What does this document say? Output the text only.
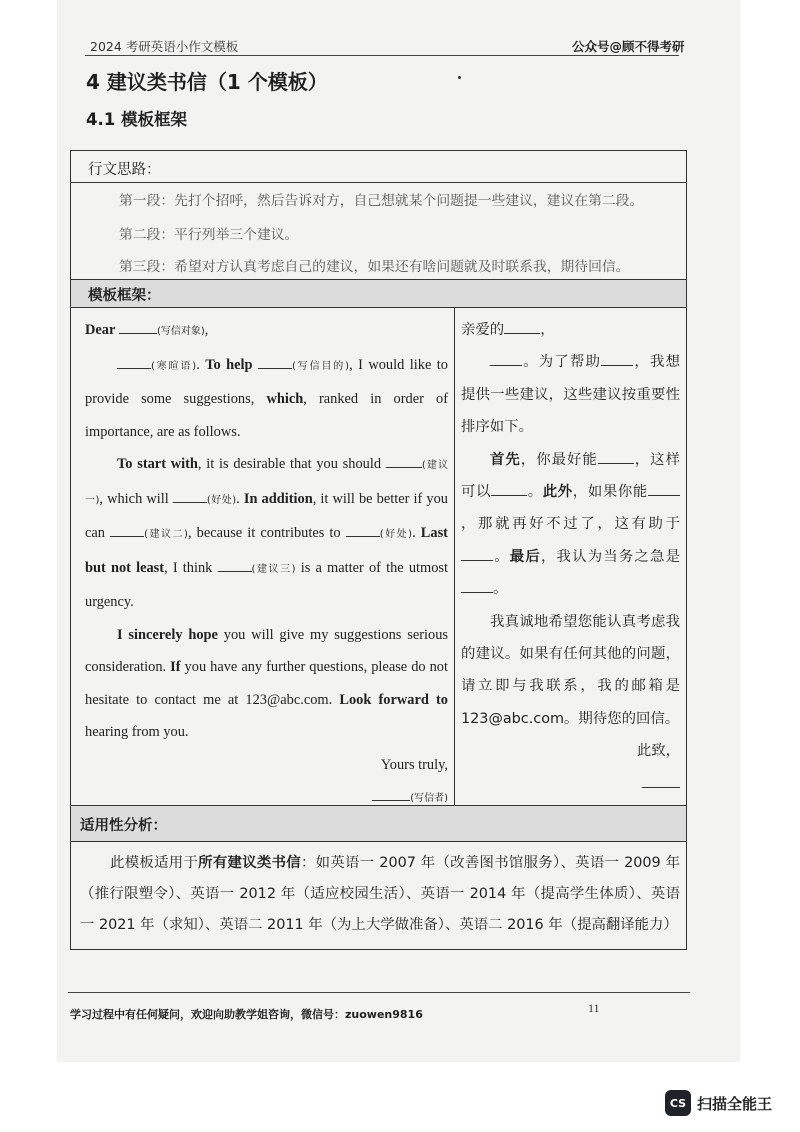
2024 考研英语小作文模板	公众号@顾不得考研
4 建议类书信（1 个模板）
4.1 模板框架
行文思路：
第一段：先打个招呼，然后告诉对方，自己想就某个问题提一些建议，建议在第二段。
第二段：平行列举三个建议。
第三段：希望对方认真考虑自己的建议，如果还有啥问题就及时联系我，期待回信。
模板框架：

Dear	(写信对象),

(寒暄语). To help	(写信目的), I would like to provide some suggestions, which, ranked in order of importance, are as follows.

To start with, it is desirable that you should	(建议一), which will	(好处). In addition, it will be better if you can	(建议二), because it contributes to	(好处). Last but not least, I think	(建议三) is a matter of the utmost urgency.

I sincerely hope you will give my suggestions serious consideration. If you have any further questions, please do not hesitate to contact me at 123@abc.com. Look forward to hearing from you.

Yours truly,

(写信者)

亲爱的	，

。为了帮助 ，我想提供一些建议，这些建议按重要性排序如下。

首先，你最好能	，这样可以	。此外，如果你能，那就再好不过了，这有助于。最后，我认为当务之急是。

我真诚地希望您能认真考虑我的建议。如果有任何其他的问题，请立即与我联系，我的邮箱是123@abc.com。期待您的回信。

此致，

适用性分析：

此模板适用于所有建议类书信：如英语一 2007 年（改善图书馆服务）、英语一 2009 年（推行限塑令）、英语一 2012 年（适应校园生活）、英语一 2014 年（提高学生体质）、英语一 2021 年（求知）、英语二 2011 年（为上大学做准备）、英语二 2016 年（提高翻译能力）

学习过程中有任何疑问，欢迎向助教学姐咨询，微信号：zuowen9816	11
CS 扫描全能王
